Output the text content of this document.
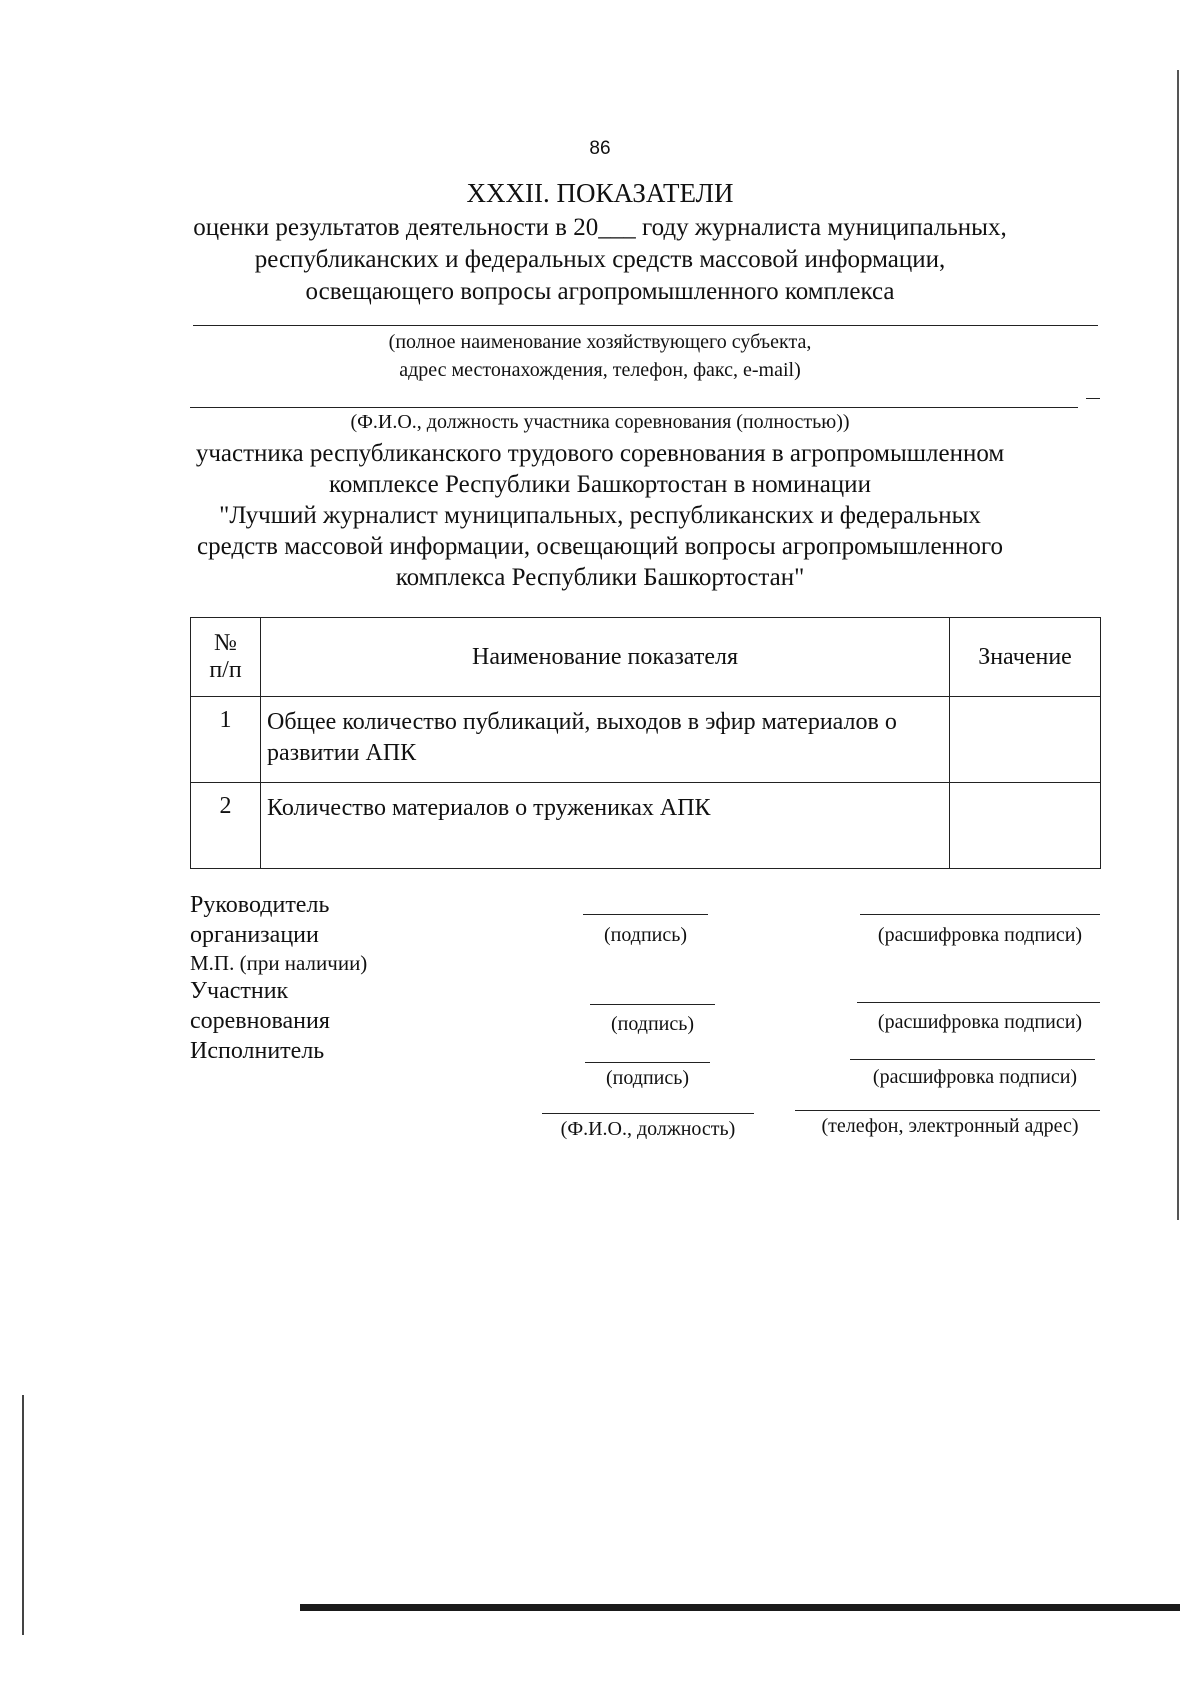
86
XXXII. ПОКАЗАТЕЛИ
оценки результатов деятельности в 20___ году журналиста муниципальных,
республиканских и федеральных средств массовой информации,
освещающего вопросы агропромышленного комплекса
(полное наименование хозяйствующего субъекта,
адрес местонахождения, телефон, факс, e-mail)
(Ф.И.О., должность участника соревнования (полностью))
участника республиканского трудового соревнования в агропромышленном
комплексе Республики Башкортостан в номинации
"Лучший журналист муниципальных, республиканских и федеральных
средств массовой информации, освещающий вопросы агропромышленного
комплекса Республики Башкортостан"
№
п/п	Наименование показателя	Значение
1	Общее количество публикаций, выходов в эфир материалов о развитии АПК	
2	Количество материалов о тружениках АПК	
Руководитель
организации
М.П. (при наличии)
Участник
соревнования
Исполнитель
(подпись)	(расшифровка подписи)
(подпись)	(расшифровка подписи)
(подпись)	(расшифровка подписи)
(Ф.И.О., должность)	(телефон, электронный адрес)
